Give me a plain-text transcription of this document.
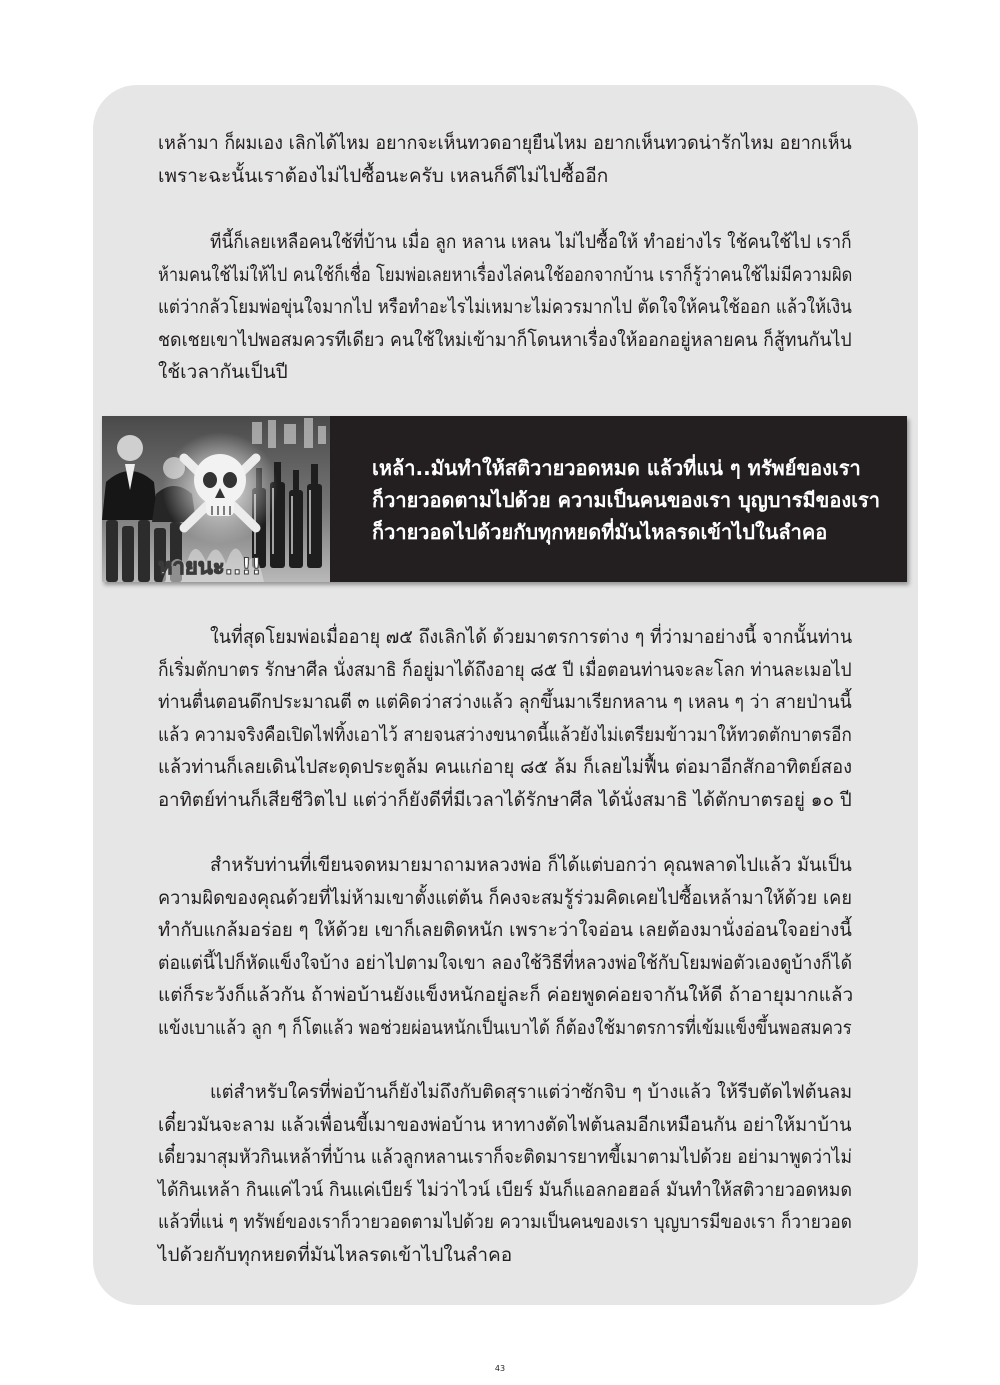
เหล้ามา ก็ผมเอง เลิกได้ไหม อยากจะเห็นทวดอายุยืนไหม อยากเห็นทวดน่ารักไหม อยากเห็น
เพราะฉะนั้นเราต้องไม่ไปซื้อนะครับ เหลนก็ดีไม่ไปซื้ออีก
ทีนี้ก็เลยเหลือคนใช้ที่บ้าน เมื่อ ลูก หลาน เหลน ไม่ไปซื้อให้ ทำอย่างไร ใช้คนใช้ไป เราก็
ห้ามคนใช้ไม่ให้ไป คนใช้ก็เชื่อ โยมพ่อเลยหาเรื่องไล่คนใช้ออกจากบ้าน เราก็รู้ว่าคนใช้ไม่มีความผิด
แต่ว่ากลัวโยมพ่อขุ่นใจมากไป หรือทำอะไรไม่เหมาะไม่ควรมากไป ตัดใจให้คนใช้ออก แล้วให้เงิน
ชดเชยเขาไปพอสมควรทีเดียว คนใช้ใหม่เข้ามาก็โดนหาเรื่องให้ออกอยู่หลายคน ก็สู้ทนกันไป
ใช้เวลากันเป็นปี
หายนะ..!!
เหล้า..มันทำให้สติวายวอดหมด แล้วที่แน่ ๆ ทรัพย์ของเรา
ก็วายวอดตามไปด้วย ความเป็นคนของเรา บุญบารมีของเรา
ก็วายวอดไปด้วยกับทุกหยดที่มันไหลรดเข้าไปในลำคอ
ในที่สุดโยมพ่อเมื่ออายุ ๗๕ ถึงเลิกได้ ด้วยมาตรการต่าง ๆ ที่ว่ามาอย่างนี้ จากนั้นท่าน
ก็เริ่มตักบาตร รักษาศีล นั่งสมาธิ ก็อยู่มาได้ถึงอายุ ๘๕ ปี เมื่อตอนท่านจะละโลก ท่านละเมอไป
ท่านตื่นตอนดึกประมาณตี ๓ แต่คิดว่าสว่างแล้ว ลุกขึ้นมาเรียกหลาน ๆ เหลน ๆ ว่า สายป่านนี้
แล้ว ความจริงคือเปิดไฟทิ้งเอาไว้ สายจนสว่างขนาดนี้แล้วยังไม่เตรียมข้าวมาให้ทวดตักบาตรอีก
แล้วท่านก็เลยเดินไปสะดุดประตูล้ม คนแก่อายุ ๘๕ ล้ม ก็เลยไม่ฟื้น ต่อมาอีกสักอาทิตย์สอง
อาทิตย์ท่านก็เสียชีวิตไป แต่ว่าก็ยังดีที่มีเวลาได้รักษาศีล ได้นั่งสมาธิ ได้ตักบาตรอยู่ ๑๐ ปี
สำหรับท่านที่เขียนจดหมายมาถามหลวงพ่อ ก็ได้แต่บอกว่า คุณพลาดไปแล้ว มันเป็น
ความผิดของคุณด้วยที่ไม่ห้ามเขาตั้งแต่ต้น ก็คงจะสมรู้ร่วมคิดเคยไปซื้อเหล้ามาให้ด้วย เคย
ทำกับแกล้มอร่อย ๆ ให้ด้วย เขาก็เลยติดหนัก เพราะว่าใจอ่อน เลยต้องมานั่งอ่อนใจอย่างนี้
ต่อแต่นี้ไปก็หัดแข็งใจบ้าง อย่าไปตามใจเขา ลองใช้วิธีที่หลวงพ่อใช้กับโยมพ่อตัวเองดูบ้างก็ได้
แต่ก็ระวังก็แล้วกัน ถ้าพ่อบ้านยังแข็งหนักอยู่ละก็ ค่อยพูดค่อยจากันให้ดี ถ้าอายุมากแล้ว
แข้งเบาแล้ว ลูก ๆ ก็โตแล้ว พอช่วยผ่อนหนักเป็นเบาได้ ก็ต้องใช้มาตรการที่เข้มแข็งขึ้นพอสมควร
แต่สำหรับใครที่พ่อบ้านก็ยังไม่ถึงกับติดสุราแต่ว่าซักจิบ ๆ บ้างแล้ว ให้รีบตัดไฟต้นลม
เดี๋ยวมันจะลาม แล้วเพื่อนขี้เมาของพ่อบ้าน หาทางตัดไฟต้นลมอีกเหมือนกัน อย่าให้มาบ้าน
เดี๋ยวมาสุมหัวกินเหล้าที่บ้าน แล้วลูกหลานเราก็จะติดมารยาทขี้เมาตามไปด้วย อย่ามาพูดว่าไม่
ได้กินเหล้า กินแค่ไวน์ กินแค่เบียร์ ไม่ว่าไวน์ เบียร์ มันก็แอลกอฮอล์ มันทำให้สติวายวอดหมด
แล้วที่แน่ ๆ ทรัพย์ของเราก็วายวอดตามไปด้วย ความเป็นคนของเรา บุญบารมีของเรา ก็วายวอด
ไปด้วยกับทุกหยดที่มันไหลรดเข้าไปในลำคอ
43
